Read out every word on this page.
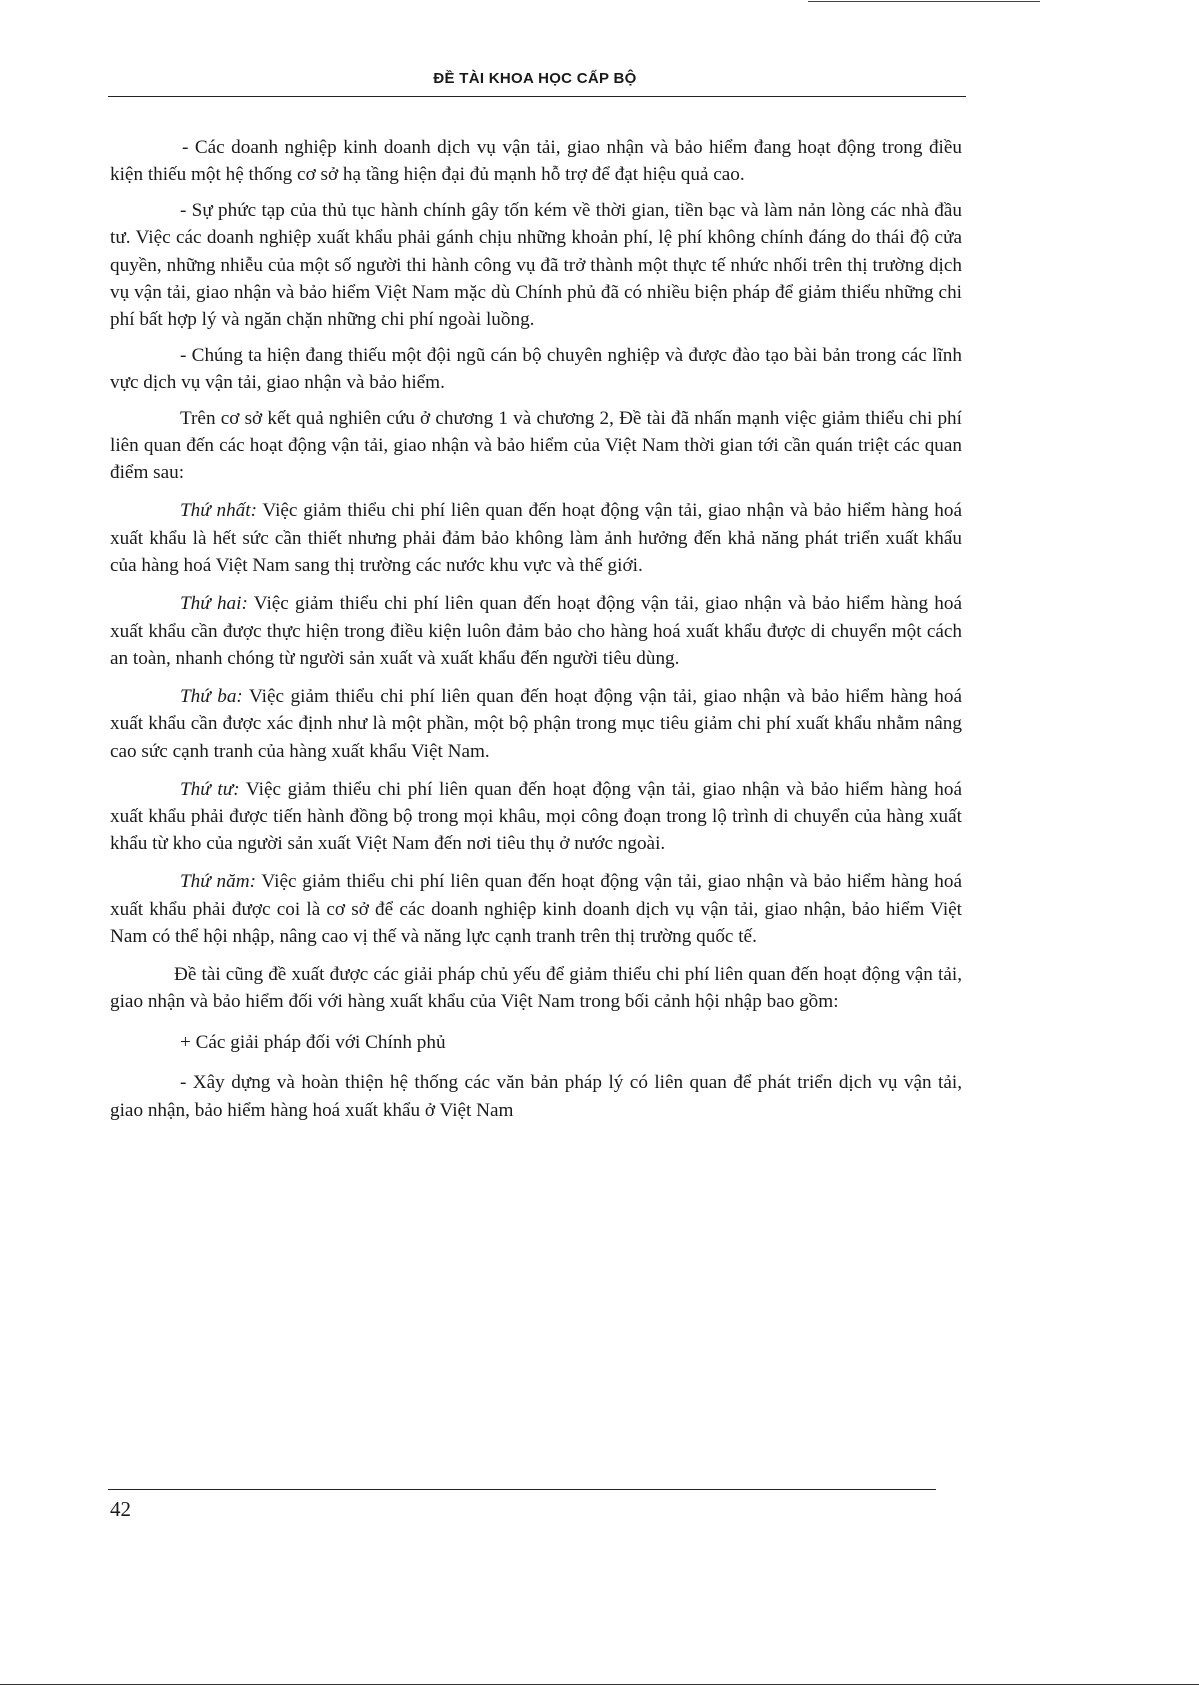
ĐỀ TÀI KHOA HỌC CẤP BỘ

- Các doanh nghiệp kinh doanh dịch vụ vận tải, giao nhận và bảo hiểm đang hoạt động trong điều kiện thiếu một hệ thống cơ sở hạ tầng hiện đại đủ mạnh hỗ trợ để đạt hiệu quả cao.

- Sự phức tạp của thủ tục hành chính gây tốn kém về thời gian, tiền bạc và làm nản lòng các nhà đầu tư. Việc các doanh nghiệp xuất khẩu phải gánh chịu những khoản phí, lệ phí không chính đáng do thái độ cửa quyền, những nhiễu của một số người thi hành công vụ đã trở thành một thực tế nhức nhối trên thị trường dịch vụ vận tải, giao nhận và bảo hiểm Việt Nam mặc dù Chính phủ đã có nhiều biện pháp để giảm thiểu những chi phí bất hợp lý và ngăn chặn những chi phí ngoài luồng.

- Chúng ta hiện đang thiếu một đội ngũ cán bộ chuyên nghiệp và được đào tạo bài bản trong các lĩnh vực dịch vụ vận tải, giao nhận và bảo hiểm.

Trên cơ sở kết quả nghiên cứu ở chương 1 và chương 2, Đề tài đã nhấn mạnh việc giảm thiểu chi phí liên quan đến các hoạt động vận tải, giao nhận và bảo hiểm của Việt Nam thời gian tới cần quán triệt các quan điểm sau:

Thứ nhất: Việc giảm thiểu chi phí liên quan đến hoạt động vận tải, giao nhận và bảo hiểm hàng hoá xuất khẩu là hết sức cần thiết nhưng phải đảm bảo không làm ảnh hưởng đến khả năng phát triển xuất khẩu của hàng hoá Việt Nam sang thị trường các nước khu vực và thế giới.

Thứ hai: Việc giảm thiểu chi phí liên quan đến hoạt động vận tải, giao nhận và bảo hiểm hàng hoá xuất khẩu cần được thực hiện trong điều kiện luôn đảm bảo cho hàng hoá xuất khẩu được di chuyển một cách an toàn, nhanh chóng từ người sản xuất và xuất khẩu đến người tiêu dùng.

Thứ ba: Việc giảm thiểu chi phí liên quan đến hoạt động vận tải, giao nhận và bảo hiểm hàng hoá xuất khẩu cần được xác định như là một phần, một bộ phận trong mục tiêu giảm chi phí xuất khẩu nhằm nâng cao sức cạnh tranh của hàng xuất khẩu Việt Nam.

Thứ tư: Việc giảm thiểu chi phí liên quan đến hoạt động vận tải, giao nhận và bảo hiểm hàng hoá xuất khẩu phải được tiến hành đồng bộ trong mọi khâu, mọi công đoạn trong lộ trình di chuyển của hàng xuất khẩu từ kho của người sản xuất Việt Nam đến nơi tiêu thụ ở nước ngoài.

Thứ năm: Việc giảm thiểu chi phí liên quan đến hoạt động vận tải, giao nhận và bảo hiểm hàng hoá xuất khẩu phải được coi là cơ sở để các doanh nghiệp kinh doanh dịch vụ vận tải, giao nhận, bảo hiểm Việt Nam có thể hội nhập, nâng cao vị thế và năng lực cạnh tranh trên thị trường quốc tế.

Đề tài cũng đề xuất được các giải pháp chủ yếu để giảm thiểu chi phí liên quan đến hoạt động vận tải, giao nhận và bảo hiểm đối với hàng xuất khẩu của Việt Nam trong bối cảnh hội nhập bao gồm:

+ Các giải pháp đối với Chính phủ

- Xây dựng và hoàn thiện hệ thống các văn bản pháp lý có liên quan để phát triển dịch vụ vận tải, giao nhận, bảo hiểm hàng hoá xuất khẩu ở Việt Nam

42
